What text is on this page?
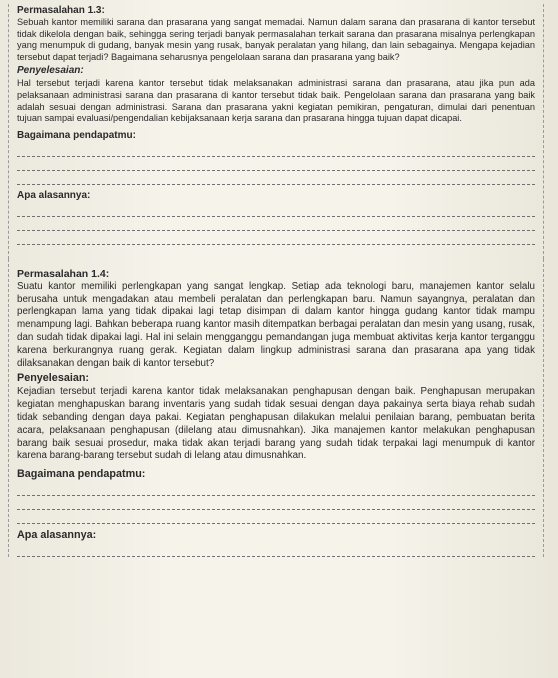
Permasalahan 1.3:

Sebuah kantor memiliki sarana dan prasarana yang sangat memadai. Namun dalam sarana dan prasarana di kantor tersebut tidak dikelola dengan baik, sehingga sering terjadi banyak permasalahan terkait sarana dan prasarana misalnya perlengkapan yang menumpuk di gudang, banyak mesin yang rusak, banyak peralatan yang hilang, dan lain sebagainya. Mengapa kejadian tersebut dapat terjadi? Bagaimana seharusnya pengelolaan sarana dan prasarana yang baik?

Penyelesaian:

Hal tersebut terjadi karena kantor tersebut tidak melaksanakan administrasi sarana dan prasarana, atau jika pun ada pelaksanaan administrasi sarana dan prasarana di kantor tersebut tidak baik. Pengelolaan sarana dan prasarana yang baik adalah sesuai dengan administrasi. Sarana dan prasarana yakni kegiatan pemikiran, pengaturan, dimulai dari penentuan tujuan sampai evaluasi/pengendalian kebijaksanaan kerja sarana dan prasarana hingga tujuan dapat dicapai.

Bagaimana pendapatmu:
Apa alasannya:
Permasalahan 1.4:

Suatu kantor memiliki perlengkapan yang sangat lengkap. Setiap ada teknologi baru, manajemen kantor selalu berusaha untuk mengadakan atau membeli peralatan dan perlengkapan baru. Namun sayangnya, peralatan dan perlengkapan lama yang tidak dipakai lagi tetap disimpan di dalam kantor hingga gudang kantor tidak mampu menampung lagi. Bahkan beberapa ruang kantor masih ditempatkan berbagai peralatan dan mesin yang usang, rusak, dan sudah tidak dipakai lagi. Hal ini selain mengganggu pemandangan juga membuat aktivitas kerja kantor terganggu karena berkurangnya ruang gerak. Kegiatan dalam lingkup administrasi sarana dan prasarana apa yang tidak dilaksanakan dengan baik di kantor tersebut?

Penyelesaian:

Kejadian tersebut terjadi karena kantor tidak melaksanakan penghapusan dengan baik. Penghapusan merupakan kegiatan menghapuskan barang inventaris yang sudah tidak sesuai dengan daya pakainya serta biaya rehab sudah tidak sebanding dengan daya pakai. Kegiatan penghapusan dilakukan melalui penilaian barang, pembuatan berita acara, pelaksanaan penghapusan (dilelang atau dimusnahkan). Jika manajemen kantor melakukan penghapusan barang baik sesuai prosedur, maka tidak akan terjadi barang yang sudah tidak terpakai lagi menumpuk di kantor karena barang-barang tersebut sudah di lelang atau dimusnahkan.

Bagaimana pendapatmu:
Apa alasannya:
